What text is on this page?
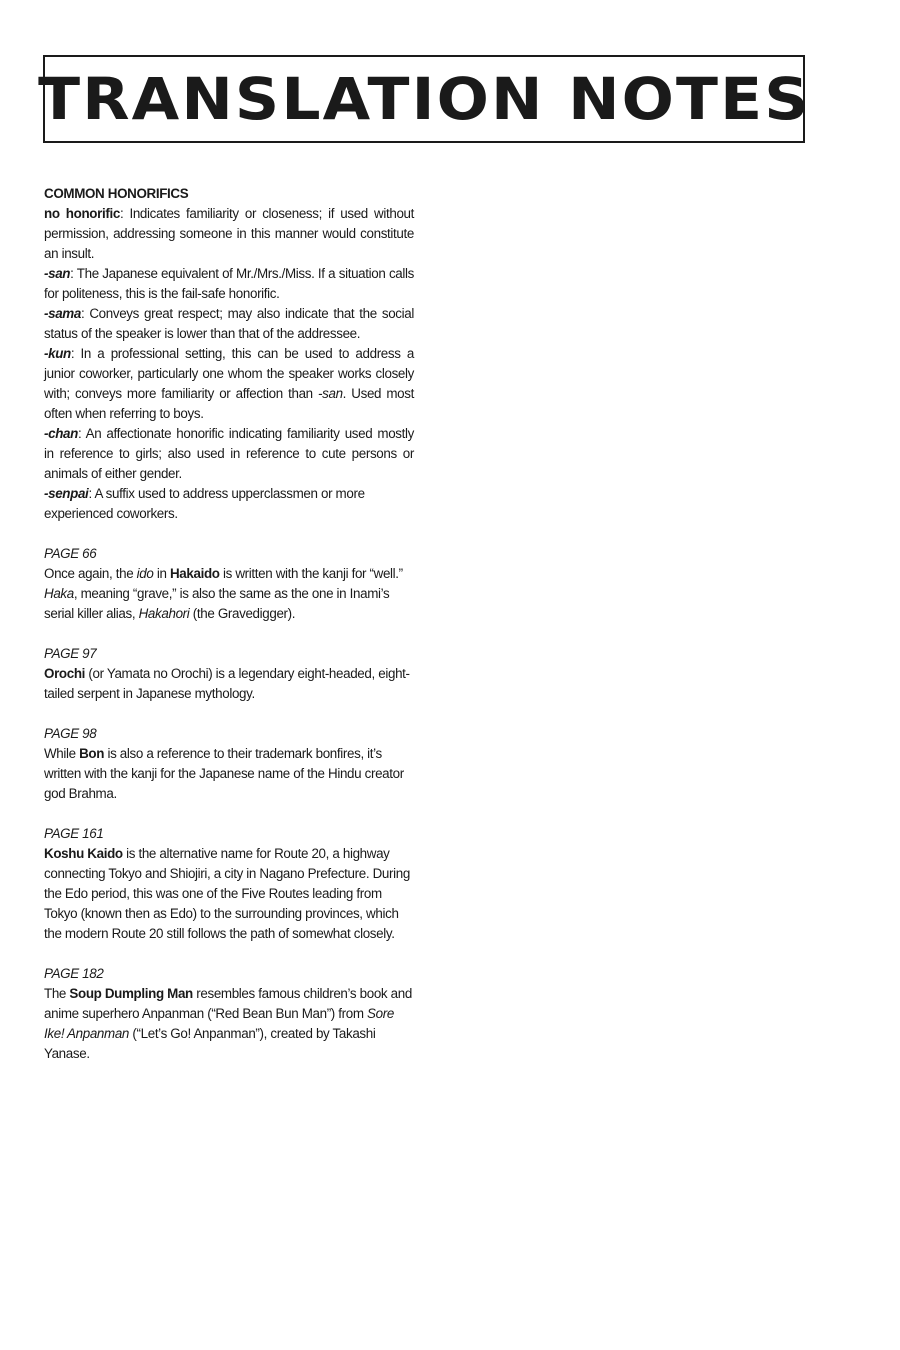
TRANSLATION NOTES

COMMON HONORIFICS

no honorific: Indicates familiarity or closeness; if used without permission, addressing someone in this manner would constitute an insult.

-san: The Japanese equivalent of Mr./Mrs./Miss. If a situation calls for politeness, this is the fail-safe honorific.

-sama: Conveys great respect; may also indicate that the social status of the speaker is lower than that of the addressee.

-kun: In a professional setting, this can be used to address a junior coworker, particularly one whom the speaker works closely with; conveys more familiarity or affection than -san. Used most often when referring to boys.

-chan: An affectionate honorific indicating familiarity used mostly in reference to girls; also used in reference to cute persons or animals of either gender.

-senpai: A suffix used to address upperclassmen or more experienced coworkers.

PAGE 66

Once again, the ido in Hakaido is written with the kanji for “well.” Haka, meaning “grave,” is also the same as the one in Inami’s serial killer alias, Hakahori (the Gravedigger).

PAGE 97

Orochi (or Yamata no Orochi) is a legendary eight-headed, eight-tailed serpent in Japanese mythology.

PAGE 98

While Bon is also a reference to their trademark bonfires, it’s written with the kanji for the Japanese name of the Hindu creator god Brahma.

PAGE 161

Koshu Kaido is the alternative name for Route 20, a highway connecting Tokyo and Shiojiri, a city in Nagano Prefecture. During the Edo period, this was one of the Five Routes leading from Tokyo (known then as Edo) to the surrounding provinces, which the modern Route 20 still follows the path of somewhat closely.

PAGE 182

The Soup Dumpling Man resembles famous children’s book and anime superhero Anpanman (“Red Bean Bun Man”) from Sore Ike! Anpanman (“Let’s Go! Anpanman”), created by Takashi Yanase.
